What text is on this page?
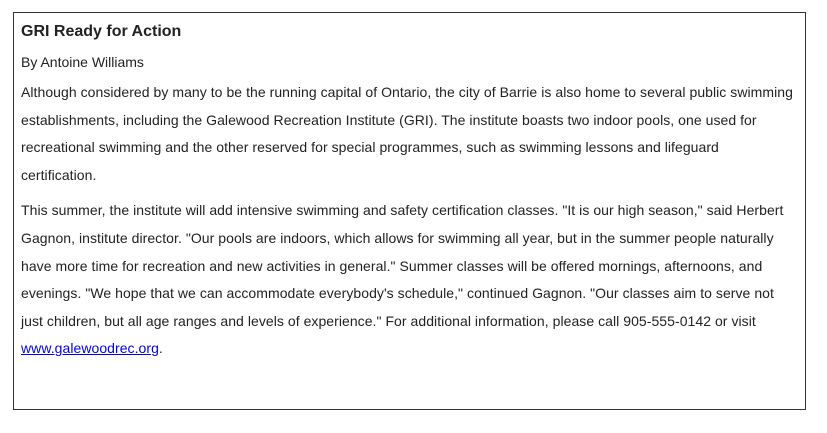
GRI Ready for Action

By Antoine Williams

Although considered by many to be the running capital of Ontario, the city of Barrie is also home to several public swimming establishments, including the Galewood Recreation Institute (GRI). The institute boasts two indoor pools, one used for recreational swimming and the other reserved for special programmes, such as swimming lessons and lifeguard certification.

This summer, the institute will add intensive swimming and safety certification classes. "It is our high season," said Herbert Gagnon, institute director. "Our pools are indoors, which allows for swimming all year, but in the summer people naturally have more time for recreation and new activities in general." Summer classes will be offered mornings, afternoons, and evenings. "We hope that we can accommodate everybody's schedule," continued Gagnon. "Our classes aim to serve not just children, but all age ranges and levels of experience." For additional information, please call 905-555-0142 or visit www.galewoodrec.org.
